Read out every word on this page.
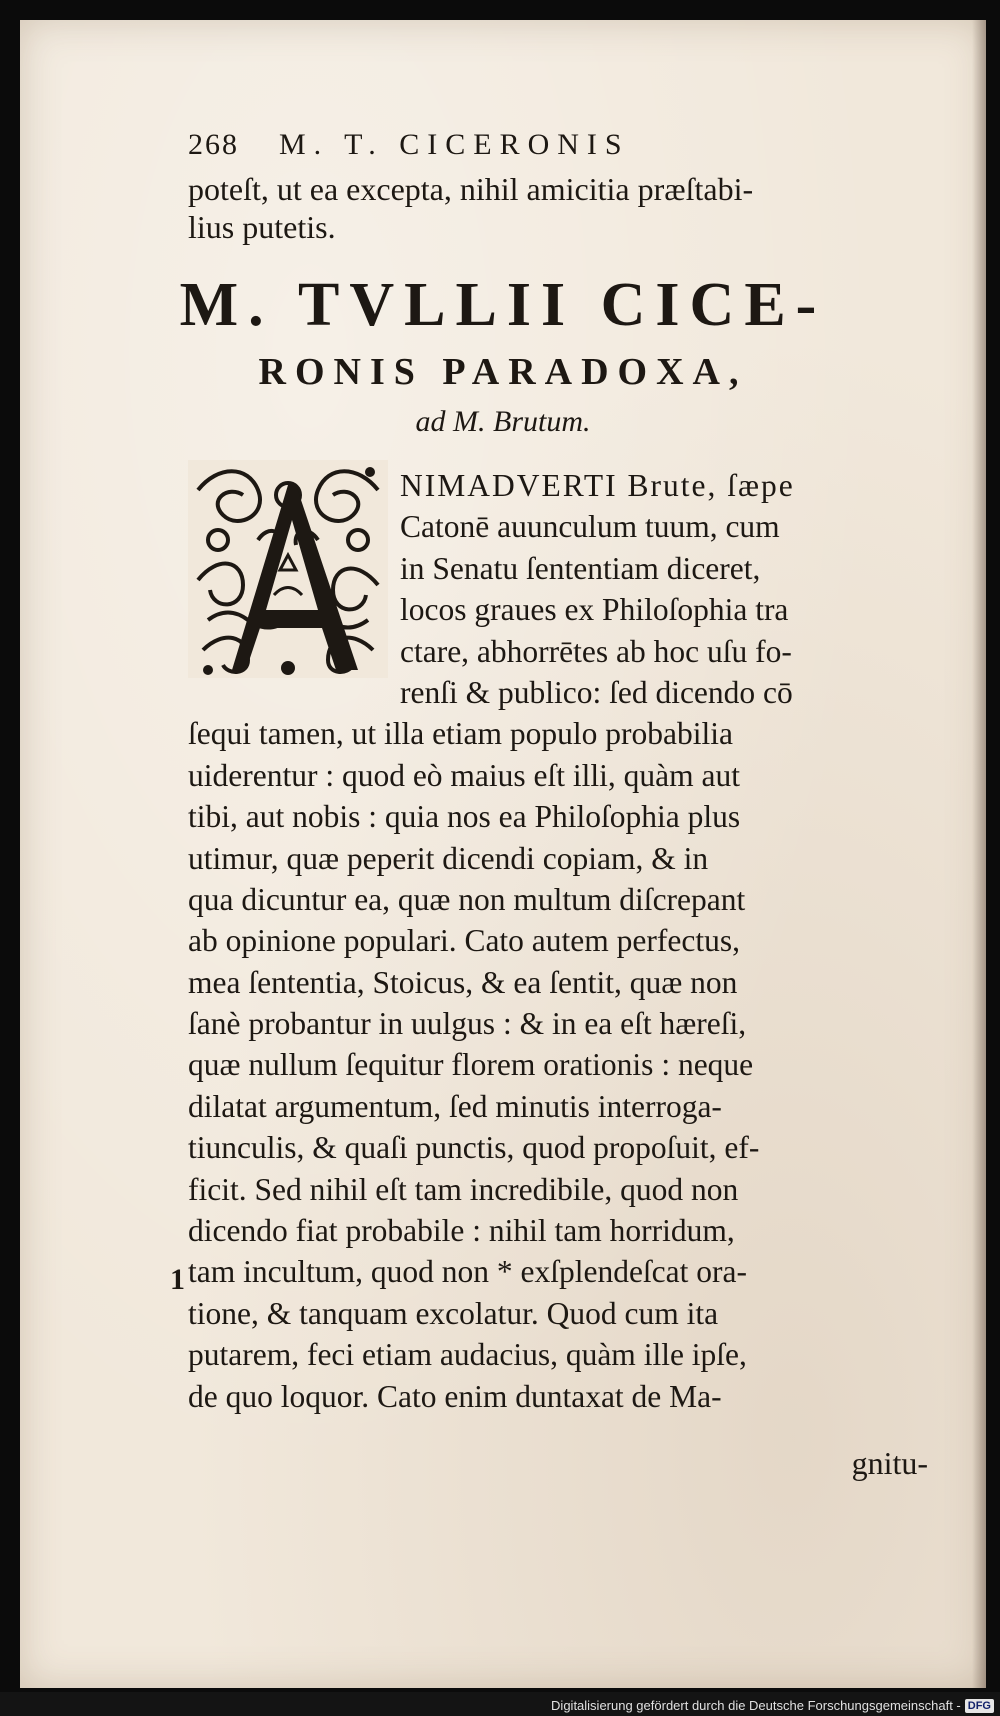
268 M. T. CICERONIS
poteſt, ut ea excepta, nihil amicitia præſtabi-
lius putetis.
M. TVLLII CICE-
RONIS PARADOXA,
ad M. Brutum.
NIMADVERTI Brute, ſæpe
Catonē auunculum tuum, cum
in Senatu ſententiam diceret,
locos graues ex Philoſophia tra
ctare, abhorrētes ab hoc uſu fo-
renſi & publico: ſed dicendo cō
ſequi tamen, ut illa etiam populo probabilia
uiderentur : quod eò maius eſt illi, quàm aut
tibi, aut nobis : quia nos ea Philoſophia plus
utimur, quæ peperit dicendi copiam, & in
qua dicuntur ea, quæ non multum diſcrepant
ab opinione populari. Cato autem perfectus,
mea ſententia, Stoicus, & ea ſentit, quæ non
ſanè probantur in uulgus : & in ea eſt hæreſi,
quæ nullum ſequitur florem orationis : neque
dilatat argumentum, ſed minutis interroga-
tiunculis, & quaſi punctis, quod propoſuit, ef-
ficit. Sed nihil eſt tam incredibile, quod non
dicendo fiat probabile : nihil tam horridum,
tam incultum, quod non * exſplendeſcat ora-
tione, & tanquam excolatur. Quod cum ita
putarem, feci etiam audacius, quàm ille ipſe,
de quo loquor. Cato enim duntaxat de Ma-
1
gnitu-
Digitalisierung gefördert durch die Deutsche Forschungsgemeinschaft - DFG
